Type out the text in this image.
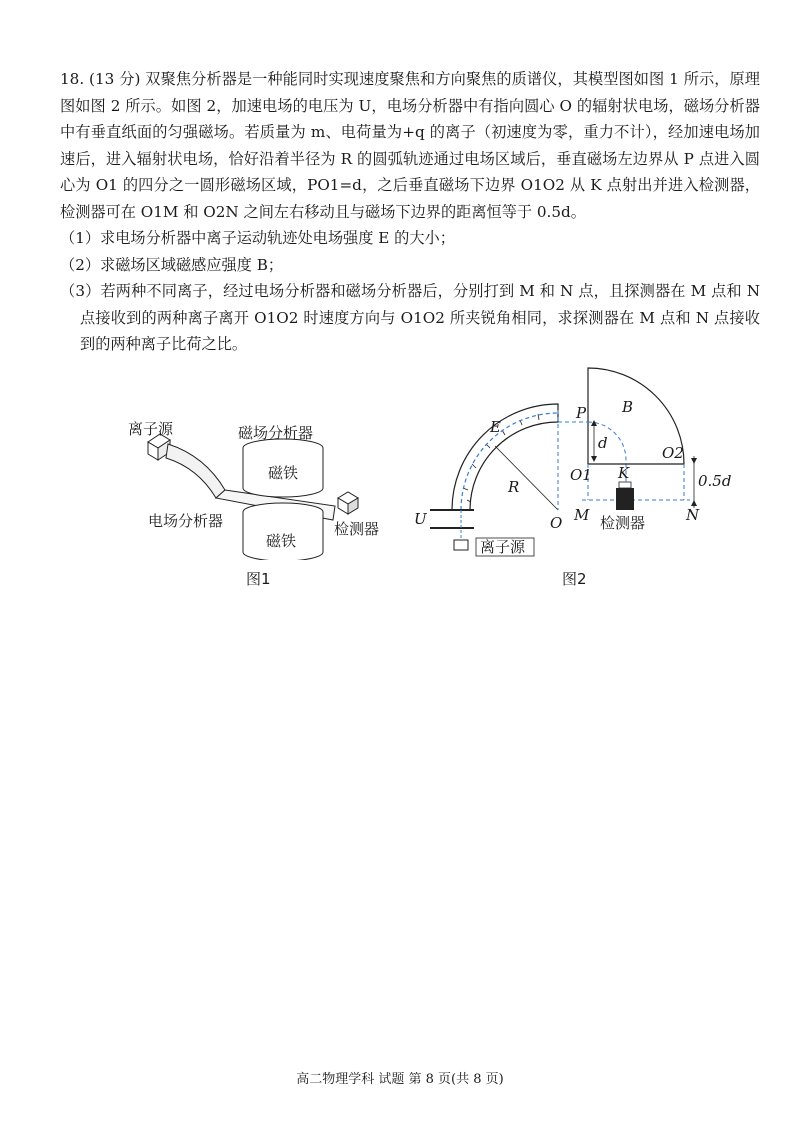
18. (13 分) 双聚焦分析器是一种能同时实现速度聚焦和方向聚焦的质谱仪，其模型图如图 1 所示，原理图如图 2 所示。如图 2，加速电场的电压为 U，电场分析器中有指向圆心 O 的辐射状电场，磁场分析器中有垂直纸面的匀强磁场。若质量为 m、电荷量为+q 的离子（初速度为零，重力不计），经加速电场加速后，进入辐射状电场，恰好沿着半径为 R 的圆弧轨迹通过电场区域后，垂直磁场左边界从 P 点进入圆心为 O1 的四分之一圆形磁场区域，PO1=d，之后垂直磁场下边界 O1O2 从 K 点射出并进入检测器，检测器可在 O1M 和 O2N 之间左右移动且与磁场下边界的距离恒等于 0.5d。

（1）求电场分析器中离子运动轨迹处电场强度 E 的大小；

（2）求磁场区域磁感应强度 B；

（3）若两种不同离子，经过电场分析器和磁场分析器后，分别打到 M 和 N 点，且探测器在 M 点和 N 点接收到的两种离子离开 O1O2 时速度方向与 O1O2 所夹锐角相同，求探测器在 M 点和 N 点接收到的两种离子比荷之比。

离子源	磁场分析器
磁铁
磁铁
电场分析器	检测器
图1
E
B
P
d
O1
O2
K
R
O M	N
0.5d
U
离子源
检测器
图2
高二物理学科 试题 第 8 页(共 8 页)
